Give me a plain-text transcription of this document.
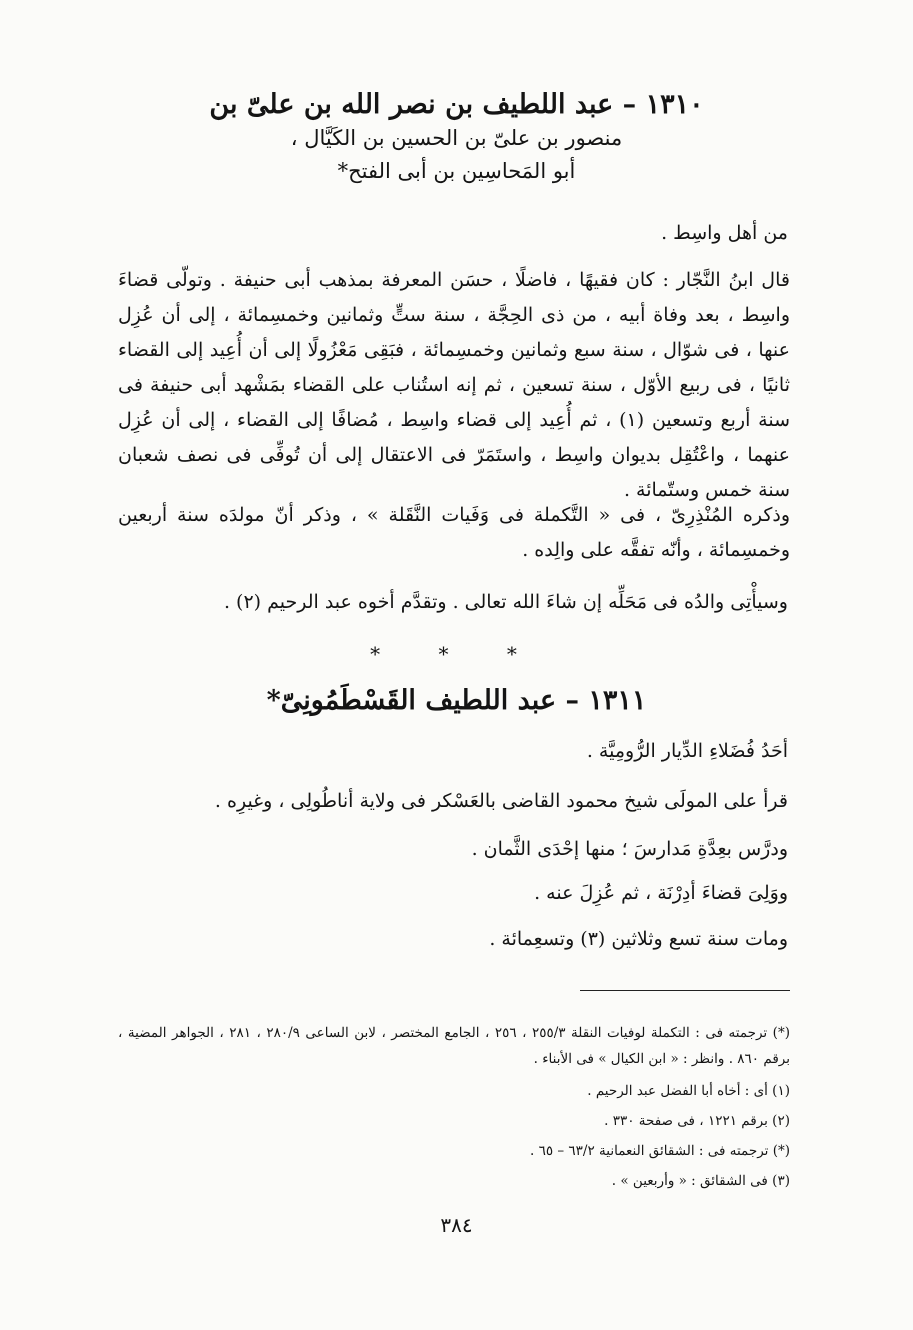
١٣١٠ – عبد اللطيف بن نصر الله بن علىّ بن
منصور بن علىّ بن الحسين بن الكَيَّال ،
أبو المَحاسِين بن أبى الفتح*
من أهل واسِط .
قال ابنُ النَّجّار : كان فقيهًا ، فاضلًا ، حسَن المعرفة بمذهب أبى حنيفة . وتولّى قضاءَ واسِط ، بعد وفاة أبيه ، من ذى الحِجَّة ، سنة ستٍّ وثمانين وخمسِمائة ، إلى أن عُزِل عنها ، فى شوّال ، سنة سبع وثمانين وخمسِمائة ، فبَقِى مَعْزُولًا إلى أن أُعِيد إلى القضاء ثانيًا ، فى ربيع الأوّل ، سنة تسعين ، ثم إنه استُناب على القضاء بمَشْهد أبى حنيفة فى سنة أربع وتسعين (١) ، ثم أُعِيد إلى قضاء واسِط ، مُضافًا إلى القضاء ، إلى أن عُزِل عنهما ، واعْتُقِل بديوان واسِط ، واستَمَرّ فى الاعتقال إلى أن تُوفِّى فى نصف شعبان سنة خمس وستّمائة .
وذكره المُنْذِرِىّ ، فى « التَّكملة فى وَفَيات النَّقَلة » ، وذكر أنّ مولدَه سنة أربعين وخمسِمائة ، وأنّه تفقَّه على والِده .
وسيأْتِى والدُه فى مَحَلِّه إن شاءَ الله تعالى . وتقدَّم أخوه عبد الرحيم (٢) .
* * *
١٣١١ – عبد اللطيف القَسْطَمُونِىّ*
أحَدُ فُضَلاءِ الدِّيار الرُّومِيَّة .
قرأ على المولَى شيخ محمود القاضى بالعَسْكر فى ولاية أناطُولِى ، وغيرِه .
ودرَّس بعِدَّةِ مَدارسَ ؛ منها إحْدَى الثَّمان .
ووَلِىَ قضاءَ أدِرْنَة ، ثم عُزِلَ عنه .
ومات سنة تسع وثلاثين (٣) وتسعِمائة .
(*) ترجمته فى : التكملة لوفيات النقلة ٢٥٥/٣ ، ٢٥٦ ، الجامع المختصر ، لابن الساعى ٢٨٠/٩ ، ٢٨١ ، الجواهر المضية ، برقم ٨٦٠ . وانظر : « ابن الكيال » فى الأبناء .
(١) أى : أخاه أبا الفضل عبد الرحيم .
(٢) برقم ١٢٢١ ، فى صفحة ٣٣٠ .
(*) ترجمته فى : الشقائق النعمانية ٦٣/٢ – ٦٥ .
(٣) فى الشقائق : « وأربعين » .
٣٨٤
